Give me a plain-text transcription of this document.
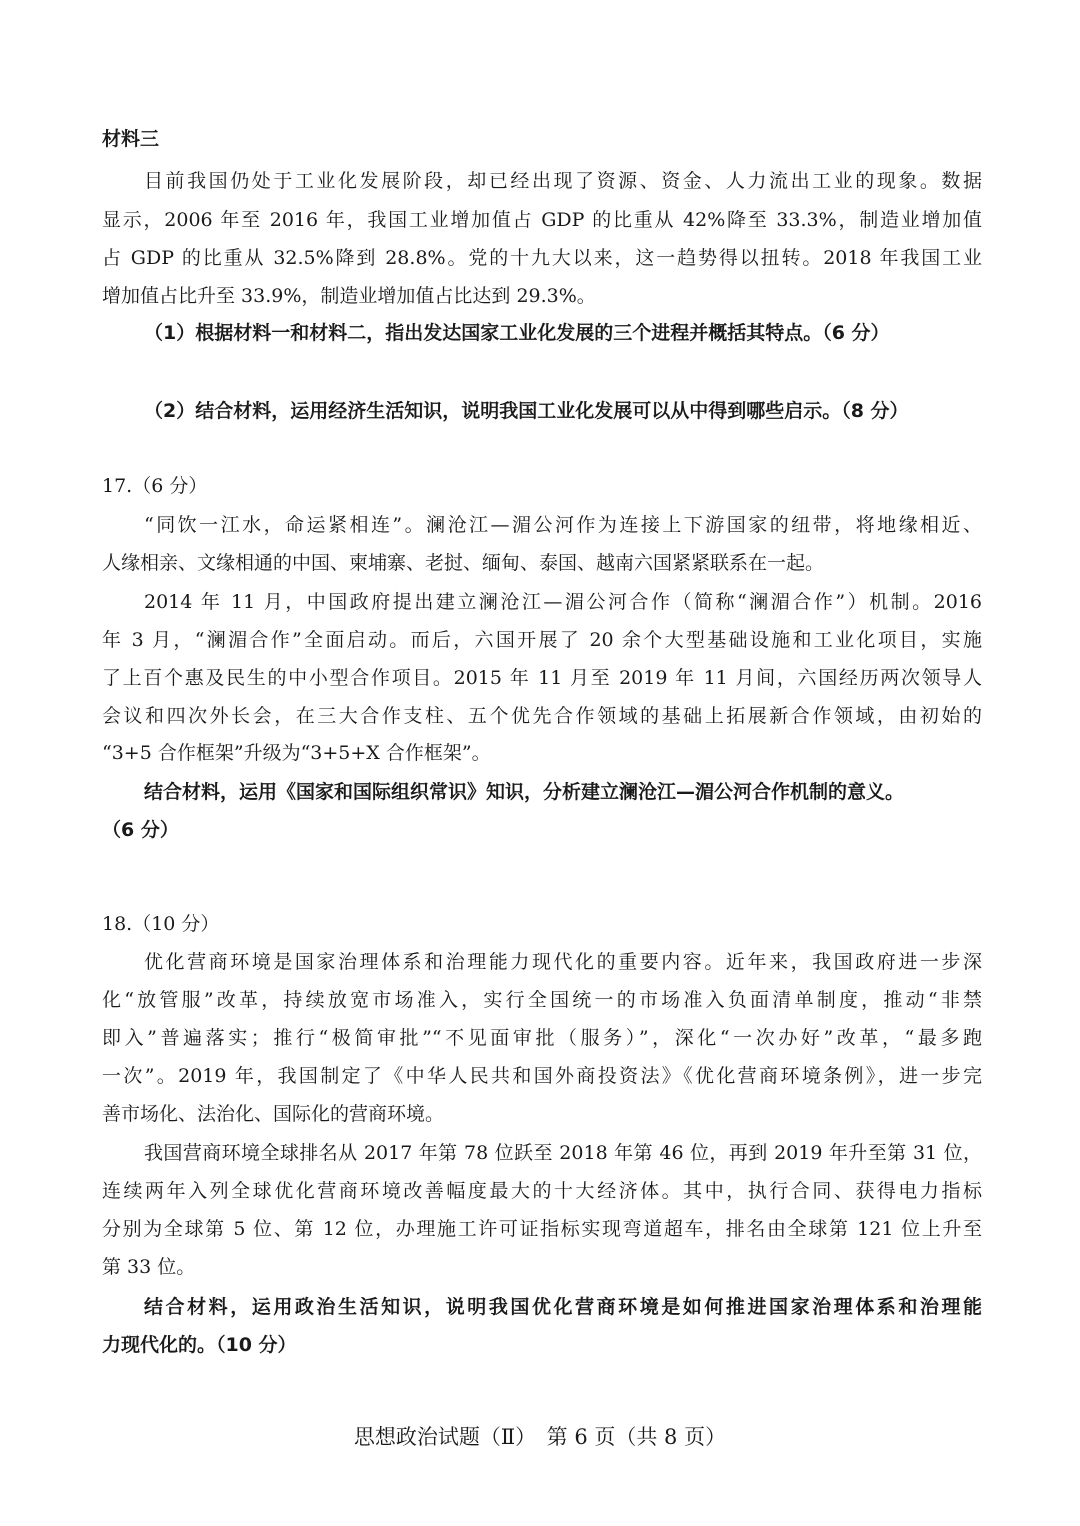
材料三
目前我国仍处于工业化发展阶段，却已经出现了资源、资金、人力流出工业的现象。数据
显示，2006 年至 2016 年，我国工业增加值占 GDP 的比重从 42%降至 33.3%，制造业增加值
占 GDP 的比重从 32.5%降到 28.8%。党的十九大以来，这一趋势得以扭转。2018 年我国工业
增加值占比升至 33.9%，制造业增加值占比达到 29.3%。
（1）根据材料一和材料二，指出发达国家工业化发展的三个进程并概括其特点。（6 分）
（2）结合材料，运用经济生活知识，说明我国工业化发展可以从中得到哪些启示。（8 分）
17.（6 分）
“同饮一江水，命运紧相连”。澜沧江—湄公河作为连接上下游国家的纽带，将地缘相近、
人缘相亲、文缘相通的中国、柬埔寨、老挝、缅甸、泰国、越南六国紧紧联系在一起。
2014 年 11 月，中国政府提出建立澜沧江—湄公河合作（简称“澜湄合作”）机制。2016
年 3 月，“澜湄合作”全面启动。而后，六国开展了 20 余个大型基础设施和工业化项目，实施
了上百个惠及民生的中小型合作项目。2015 年 11 月至 2019 年 11 月间，六国经历两次领导人
会议和四次外长会，在三大合作支柱、五个优先合作领域的基础上拓展新合作领域，由初始的
“3+5 合作框架”升级为“3+5+X 合作框架”。
结合材料，运用《国家和国际组织常识》知识，分析建立澜沧江—湄公河合作机制的意义。
（6 分）
18.（10 分）
优化营商环境是国家治理体系和治理能力现代化的重要内容。近年来，我国政府进一步深
化“放管服”改革，持续放宽市场准入，实行全国统一的市场准入负面清单制度，推动“非禁
即入”普遍落实；推行“极简审批”“不见面审批（服务）”，深化“一次办好”改革，“最多跑
一次”。2019 年，我国制定了《中华人民共和国外商投资法》《优化营商环境条例》，进一步完
善市场化、法治化、国际化的营商环境。
我国营商环境全球排名从 2017 年第 78 位跃至 2018 年第 46 位，再到 2019 年升至第 31 位，
连续两年入列全球优化营商环境改善幅度最大的十大经济体。其中，执行合同、获得电力指标
分别为全球第 5 位、第 12 位，办理施工许可证指标实现弯道超车，排名由全球第 121 位上升至
第 33 位。
结合材料，运用政治生活知识，说明我国优化营商环境是如何推进国家治理体系和治理能
力现代化的。（10 分）
思想政治试题（Ⅱ）　第 6 页（共 8 页）
